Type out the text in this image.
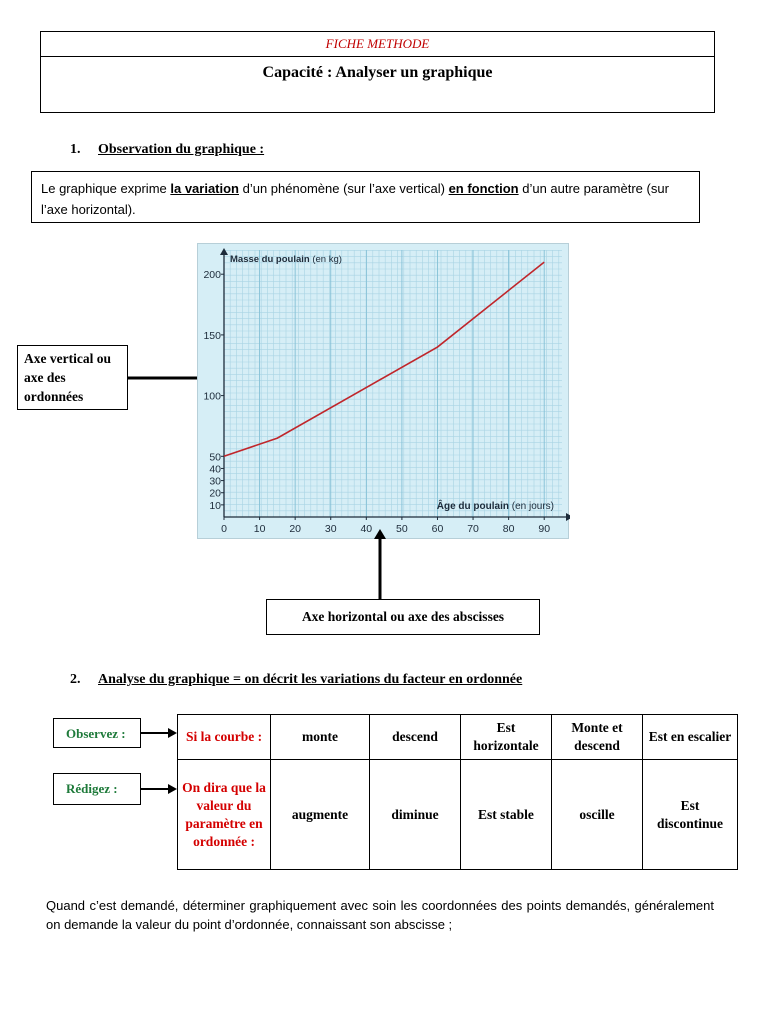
FICHE METHODE
Capacité : Analyser un graphique
1. Observation du graphique :
Le graphique exprime la variation d’un phénomène (sur l’axe vertical) en fonction d’un autre paramètre (sur l’axe horizontal).
Axe vertical ou axe des ordonnées
0	10 20 30 40 50 60 70 80 90
10
20
30
40
50
100
150
200
Masse du poulain (en kg)
Âge du poulain (en jours)
Axe horizontal ou axe des abscisses
2. Analyse du graphique = on décrit les variations du facteur en ordonnée
Observez :
Rédigez :
Si la courbe :	monte	descend	Est horizontale	Monte et descend	Est en escalier
On dira que la valeur du paramètre en ordonnée :	augmente	diminue	Est stable	oscille	Est discontinue
Quand c’est demandé, déterminer graphiquement avec soin les coordonnées des points demandés, généralement on demande la valeur du point d’ordonnée, connaissant son abscisse ;
